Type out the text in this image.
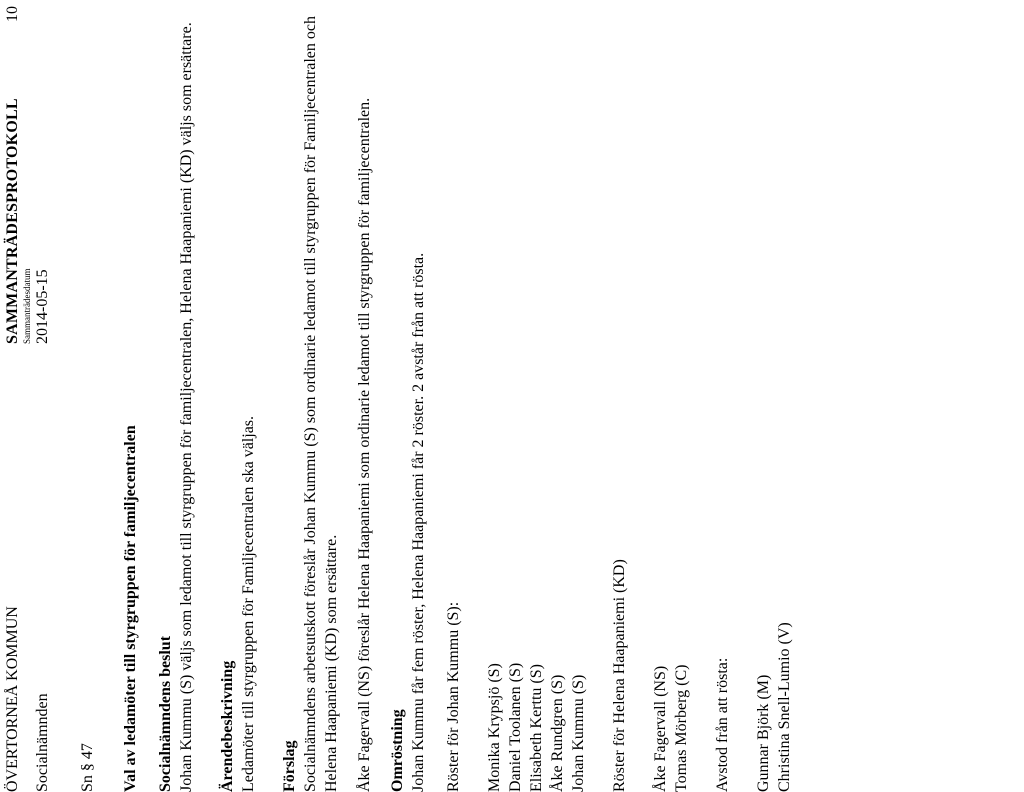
ÖVERTORNEÅ KOMMUN
SAMMANTRÄDESPROTOKOLL
10
Sammanträdesdatum
Socialnämnden
2014-05-15
Sn § 47 Val av ledamöter till styrgruppen för familjecentralen Socialnämndens beslut Johan Kummu (S) väljs som ledamot till styrgruppen för familjecentralen, Helena Haapaniemi (KD) väljs som ersättare. Ärendebeskrivning Ledamöter till styrgruppen för Familjecentralen ska väljas. Förslag Socialnämndens arbetsutskott föreslår Johan Kummu (S) som ordinarie ledamot till styrgruppen för Familjecentralen och Helena Haapaniemi (KD) som ersättare. Åke Fagervall (NS) föreslår Helena Haapaniemi som ordinarie ledamot till styrgruppen för familjecentralen. Omröstning Johan Kummu får fem röster, Helena Haapaniemi får 2 röster. 2 avstår från att rösta. Röster för Johan Kummu (S): Monika Krypsjö (S) Daniel Toolanen (S) Elisabeth Kerttu (S) Åke Rundgren (S) Johan Kummu (S) Röster för Helena Haapaniemi (KD) Åke Fagervall (NS) Tomas Mörberg (C) Avstod från att rösta: Gunnar Björk (M) Christina Snell-Lumio (V)
